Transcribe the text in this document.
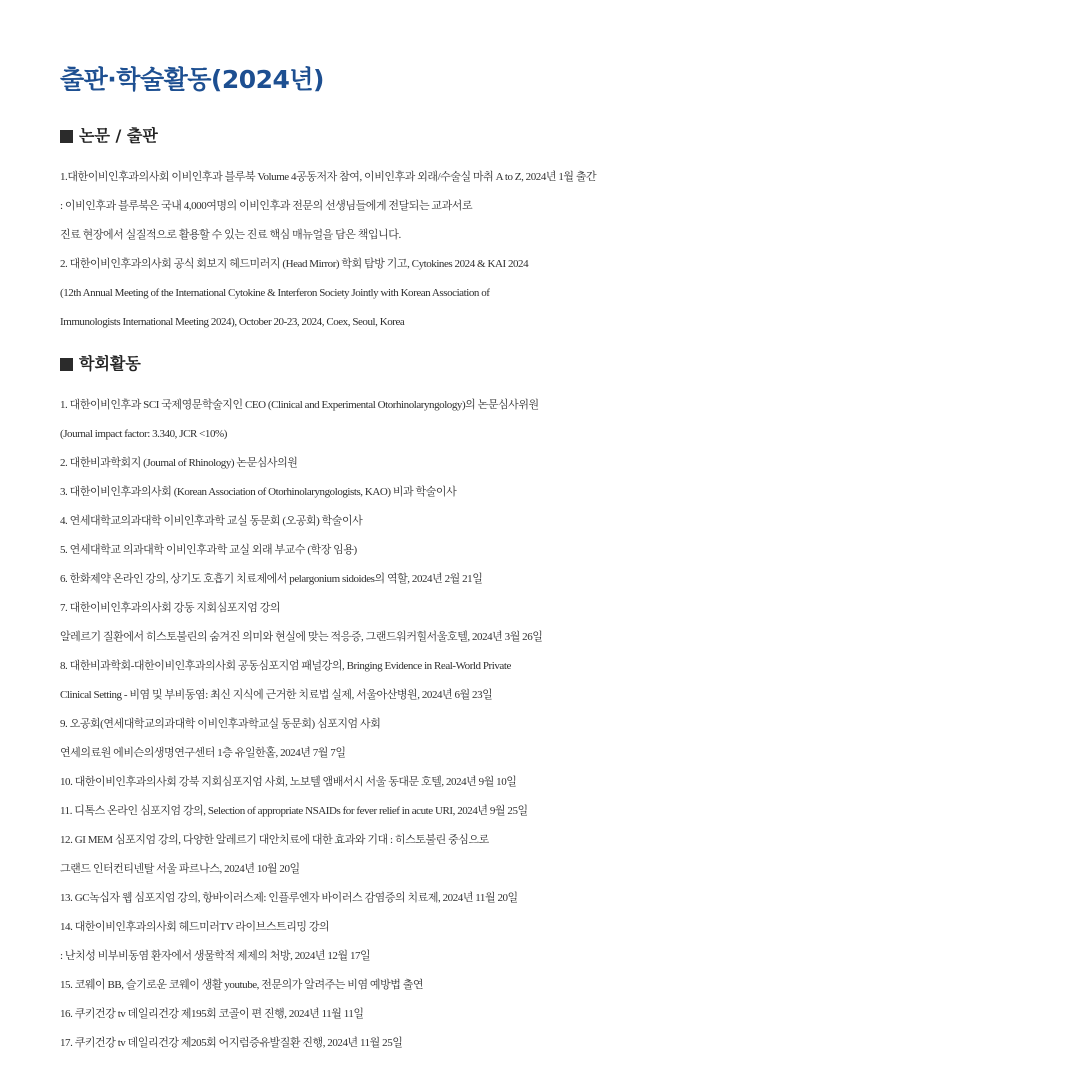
출판·학술활동(2024년)
논문 / 출판
1.대한이비인후과의사회 이비인후과 블루북 Volume 4공동저자 참여, 이비인후과 외래/수술실 마취 A to Z, 2024년 1월 출간
: 이비인후과 블루북은 국내 4,000여명의 이비인후과 전문의 선생님들에게 전달되는 교과서로
진료 현장에서 실질적으로 활용할 수 있는 진료 핵심 매뉴얼을 담은 책입니다.
2. 대한이비인후과의사회 공식 회보지 헤드미러지 (Head Mirror) 학회 탐방 기고, Cytokines 2024 & KAI 2024
(12th Annual Meeting of the International Cytokine & Interferon Society Jointly with Korean Association of
Immunologists International Meeting 2024), October 20-23, 2024, Coex, Seoul, Korea
학회활동
1. 대한이비인후과 SCI 국제영문학술지인 CEO (Clinical and Experimental Otorhinolaryngology)의 논문심사위원
(Journal impact factor: 3.340, JCR <10%)
2. 대한비과학회지 (Journal of Rhinology) 논문심사의원
3. 대한이비인후과의사회 (Korean Association of Otorhinolaryngologists, KAO) 비과 학술이사
4. 연세대학교의과대학 이비인후과학 교실 동문회 (오공회) 학술이사
5. 연세대학교 의과대학 이비인후과학 교실 외래 부교수 (학장 임용)
6. 한화제약 온라인 강의, 상기도 호흡기 치료제에서 pelargonium sidoides의 역할, 2024년 2월 21일
7. 대한이비인후과의사회 강동 지회심포지엄 강의
알레르기 질환에서 히스토불린의 숨겨진 의미와 현실에 맞는 적응증, 그랜드워커힐서울호텔, 2024년 3월 26일
8. 대한비과학회-대한이비인후과의사회 공동심포지엄 패널강의, Bringing Evidence in Real-World Private
Clinical Setting - 비염 및 부비동염: 최신 지식에 근거한 치료법 실제, 서울아산병원, 2024년 6월 23일
9. 오공회(연세대학교의과대학 이비인후과학교실 동문회) 심포지엄 사회
연세의료원 에비슨의생명연구센터 1층 유일한홀, 2024년 7월 7일
10. 대한이비인후과의사회 강북 지회심포지엄 사회, 노보텔 앰배서시 서울 동대문 호텔, 2024년 9월 10일
11. 디톡스 온라인 심포지엄 강의, Selection of appropriate NSAIDs for fever relief in acute URI, 2024년 9월 25일
12. GI MEM 심포지엄 강의, 다양한 알레르기 대안치료에 대한 효과와 기대 : 히스토불린 중심으로
그랜드 인터컨티넨탈 서울 파르나스, 2024년 10월 20일
13. GC녹십자 웹 심포지엄 강의, 항바이러스제: 인플루엔자 바이러스 감염증의 치료제, 2024년 11월 20일
14. 대한이비인후과의사회 헤드미러TV 라이브스트리밍 강의
: 난치성 비부비동염 환자에서 생물학적 제제의 처방, 2024년 12월 17일
15. 코웨이 BB, 슬기로운 코웨이 생활 youtube, 전문의가 알려주는 비염 예방법 출연
16. 쿠키건강 tv 데일리건강 제195회 코골이 편 진행, 2024년 11월 11일
17. 쿠키건강 tv 데일리건강 제205회 어지럼증유발질환 진행, 2024년 11월 25일
